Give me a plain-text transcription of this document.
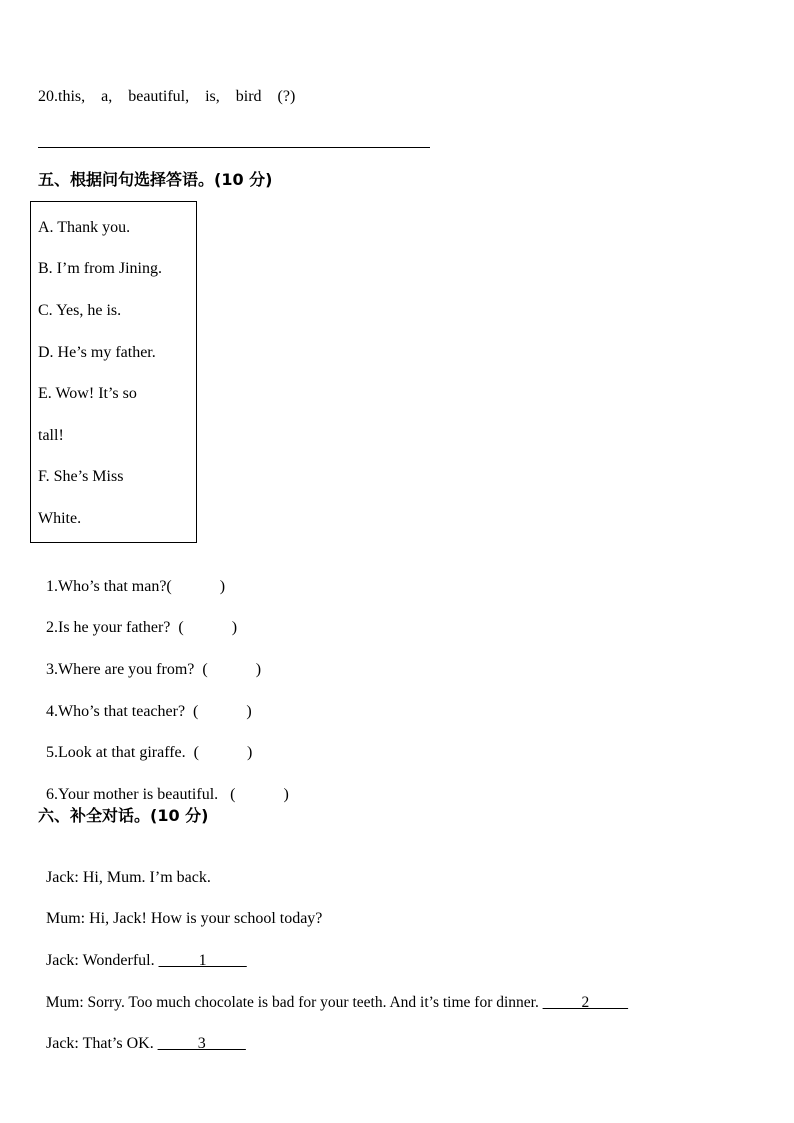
20.this,    a,    beautiful,    is,    bird    (?)
五、根据问句选择答语。(10 分)
A. Thank you.
B. I’m from Jining.
C. Yes, he is.
D. He’s my father.
E. Wow! It’s so
tall!
F. She’s Miss
White.

1.Who’s that man?(            )

2.Is he your father?  (            )

3.Where are you from?  (            )

4.Who’s that teacher?  (            )

5.Look at that giraffe.  (            )

6.Your mother is beautiful.   (            )

六、补全对话。(10 分)

Jack: Hi, Mum. I’m back.

Mum: Hi, Jack! How is your school today?

Jack: Wonderful. _____1_____

Mum: Sorry. Too much chocolate is bad for your teeth. And it’s time for dinner. _____2_____

Jack: That’s OK. _____3_____
